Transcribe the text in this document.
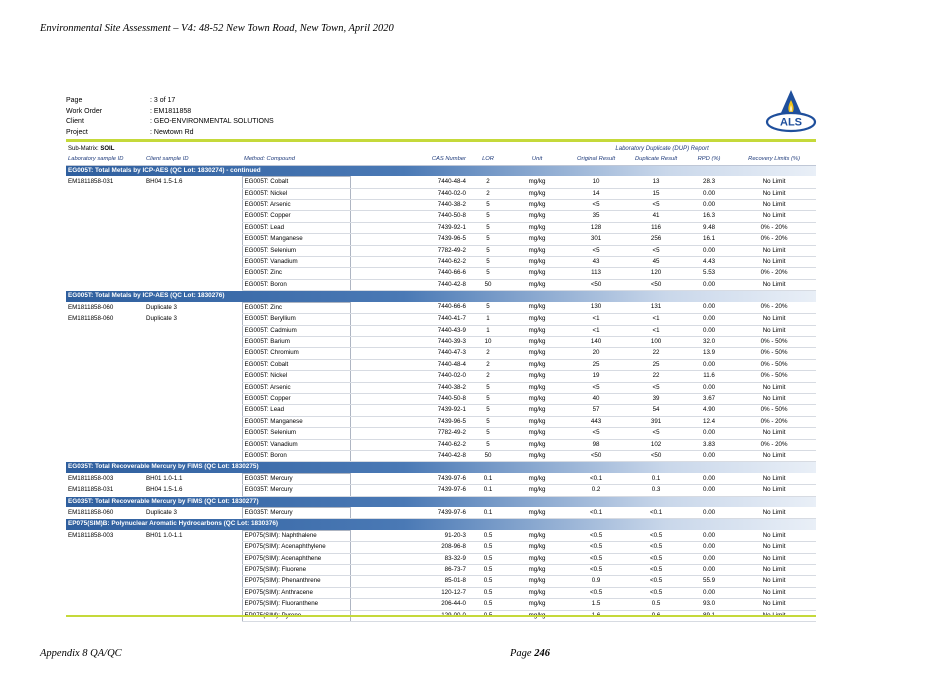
Environmental Site Assessment – V4: 48-52 New Town Road, New Town, April 2020
Page	: 3 of 17
Work Order	: EM1811858
Client	: GEO-ENVIRONMENTAL SOLUTIONS
Project	: Newtown Rd
ALS
Sub-Matrix: SOIL					Laboratory Duplicate (DUP) Report				
Laboratory sample ID	Client sample ID	Method: Compound	CAS Number	LOR	Unit	Original Result	Duplicate Result	RPD (%)	Recovery Limits (%)
EG005T: Total Metals by ICP-AES (QC Lot: 1830274) - continued									
EM1811858-031	BH04 1.5-1.6	EG005T: Cobalt	7440-48-4	2	mg/kg	10	13	28.3	No Limit
		EG005T: Nickel	7440-02-0	2	mg/kg	14	15	0.00	No Limit
		EG005T: Arsenic	7440-38-2	5	mg/kg	<5	<5	0.00	No Limit
		EG005T: Copper	7440-50-8	5	mg/kg	35	41	16.3	No Limit
		EG005T: Lead	7439-92-1	5	mg/kg	128	116	9.48	0% - 20%
		EG005T: Manganese	7439-96-5	5	mg/kg	301	256	16.1	0% - 20%
		EG005T: Selenium	7782-49-2	5	mg/kg	<5	<5	0.00	No Limit
		EG005T: Vanadium	7440-62-2	5	mg/kg	43	45	4.43	No Limit
		EG005T: Zinc	7440-66-6	5	mg/kg	113	120	5.53	0% - 20%
		EG005T: Boron	7440-42-8	50	mg/kg	<50	<50	0.00	No Limit
EG005T: Total Metals by ICP-AES (QC Lot: 1830276)									
EM1811858-060	Duplicate 3	EG005T: Zinc	7440-66-6	5	mg/kg	130	131	0.00	0% - 20%
EM1811858-060	Duplicate 3	EG005T: Beryllium	7440-41-7	1	mg/kg	<1	<1	0.00	No Limit
		EG005T: Cadmium	7440-43-9	1	mg/kg	<1	<1	0.00	No Limit
		EG005T: Barium	7440-39-3	10	mg/kg	140	100	32.0	0% - 50%
		EG005T: Chromium	7440-47-3	2	mg/kg	20	22	13.9	0% - 50%
		EG005T: Cobalt	7440-48-4	2	mg/kg	25	25	0.00	0% - 50%
		EG005T: Nickel	7440-02-0	2	mg/kg	19	22	11.6	0% - 50%
		EG005T: Arsenic	7440-38-2	5	mg/kg	<5	<5	0.00	No Limit
		EG005T: Copper	7440-50-8	5	mg/kg	40	39	3.67	No Limit
		EG005T: Lead	7439-92-1	5	mg/kg	57	54	4.90	0% - 50%
		EG005T: Manganese	7439-96-5	5	mg/kg	443	391	12.4	0% - 20%
		EG005T: Selenium	7782-49-2	5	mg/kg	<5	<5	0.00	No Limit
		EG005T: Vanadium	7440-62-2	5	mg/kg	98	102	3.83	0% - 20%
		EG005T: Boron	7440-42-8	50	mg/kg	<50	<50	0.00	No Limit
EG035T: Total Recoverable Mercury by FIMS (QC Lot: 1830275)									
EM1811858-003	BH01 1.0-1.1	EG035T: Mercury	7439-97-6	0.1	mg/kg	<0.1	0.1	0.00	No Limit
EM1811858-031	BH04 1.5-1.6	EG035T: Mercury	7439-97-6	0.1	mg/kg	0.2	0.3	0.00	No Limit
EG035T: Total Recoverable Mercury by FIMS (QC Lot: 1830277)									
EM1811858-060	Duplicate 3	EG035T: Mercury	7439-97-6	0.1	mg/kg	<0.1	<0.1	0.00	No Limit
EP075(SIM)B: Polynuclear Aromatic Hydrocarbons (QC Lot: 1830376)									
EM1811858-003	BH01 1.0-1.1	EP075(SIM): Naphthalene	91-20-3	0.5	mg/kg	<0.5	<0.5	0.00	No Limit
		EP075(SIM): Acenaphthylene	208-96-8	0.5	mg/kg	<0.5	<0.5	0.00	No Limit
		EP075(SIM): Acenaphthene	83-32-9	0.5	mg/kg	<0.5	<0.5	0.00	No Limit
		EP075(SIM): Fluorene	86-73-7	0.5	mg/kg	<0.5	<0.5	0.00	No Limit
		EP075(SIM): Phenanthrene	85-01-8	0.5	mg/kg	0.9	<0.5	55.9	No Limit
		EP075(SIM): Anthracene	120-12-7	0.5	mg/kg	<0.5	<0.5	0.00	No Limit
		EP075(SIM): Fluoranthene	206-44-0	0.5	mg/kg	1.5	0.5	93.0	No Limit

Appendix 8 QA/QC	Page 246
